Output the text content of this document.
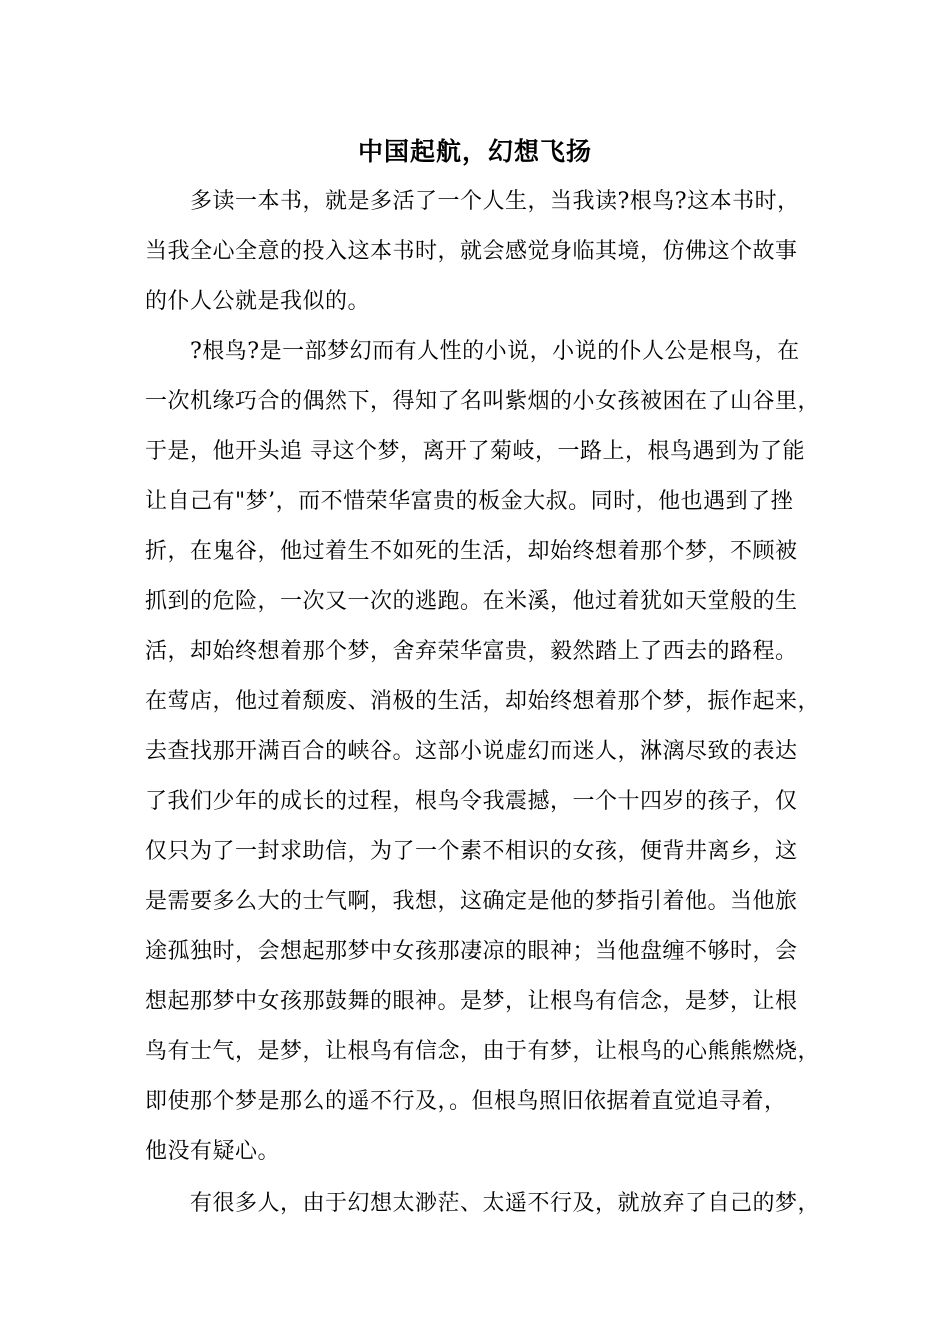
中国起航，幻想飞扬
多读一本书，就是多活了一个人生，当我读?根鸟?这本书时，
当我全心全意的投入这本书时，就会感觉身临其境，仿佛这个故事
的仆人公就是我似的。
?根鸟?是一部梦幻而有人性的小说，小说的仆人公是根鸟，在
一次机缘巧合的偶然下，得知了名叫紫烟的小女孩被困在了山谷里，
于是，他开头追 寻这个梦，离开了菊岐，一路上，根鸟遇到为了能
让自己有"梦’，而不惜荣华富贵的板金大叔。同时，他也遇到了挫
折，在鬼谷，他过着生不如死的生活，却始终想着那个梦，不顾被
抓到的危险，一次又一次的逃跑。在米溪，他过着犹如天堂般的生
活，却始终想着那个梦，舍弃荣华富贵，毅然踏上了西去的路程。
在莺店，他过着颓废、消极的生活，却始终想着那个梦，振作起来，
去查找那开满百合的峡谷。这部小说虚幻而迷人，淋漓尽致的表达
了我们少年的成长的过程，根鸟令我震撼，一个十四岁的孩子，仅
仅只为了一封求助信，为了一个素不相识的女孩，便背井离乡，这
是需要多么大的士气啊，我想，这确定是他的梦指引着他。当他旅
途孤独时，会想起那梦中女孩那凄凉的眼神；当他盘缠不够时，会
想起那梦中女孩那鼓舞的眼神。是梦，让根鸟有信念，是梦，让根
鸟有士气，是梦，让根鸟有信念，由于有梦，让根鸟的心熊熊燃烧，
即使那个梦是那么的遥不行及，。但根鸟照旧依据着直觉追寻着，
他没有疑心。
有很多人，由于幻想太渺茫、太遥不行及，就放弃了自己的梦，
